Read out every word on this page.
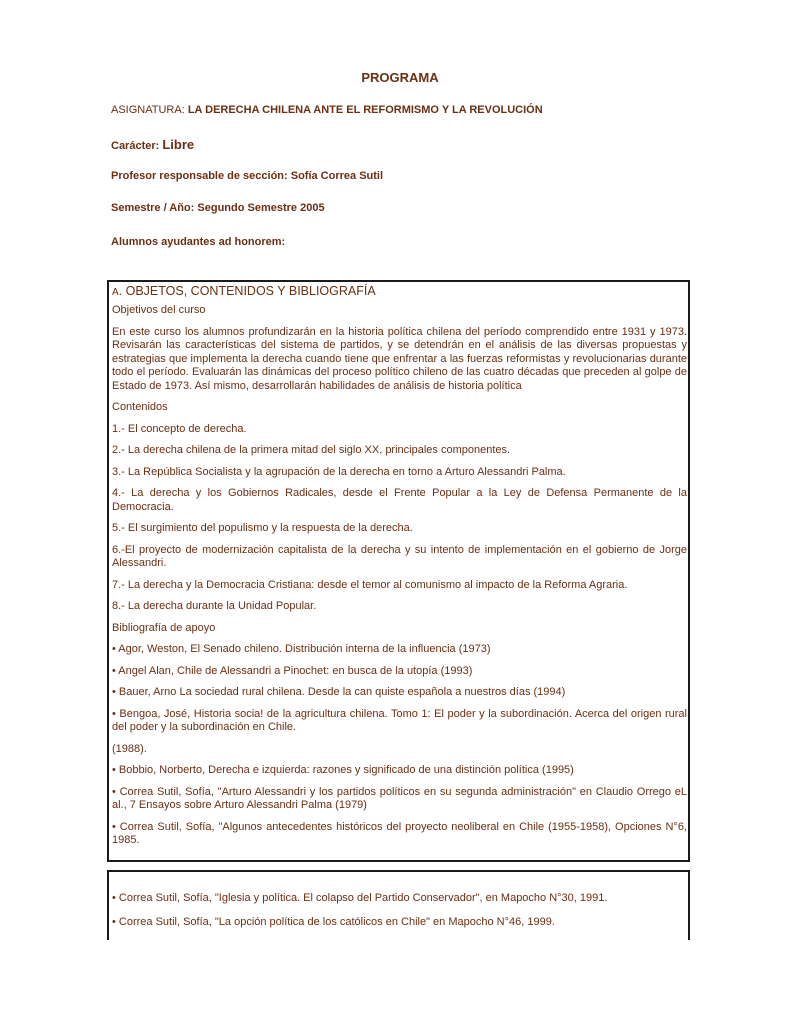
PROGRAMA
ASIGNATURA: LA DERECHA CHILENA ANTE EL REFORMISMO Y LA REVOLUCIÓN
Carácter: Libre
Profesor responsable de sección: Sofía Correa Sutil
Semestre / Año: Segundo Semestre 2005
Alumnos ayudantes ad honorem:
A. OBJETOS, CONTENIDOS Y BIBLIOGRAFÍA

Objetivos del curso

En este curso los alumnos profundizarán en la historia política chilena del período comprendido entre 1931 y 1973. Revisarán las características del sistema de partidos, y se detendrán en el análisis de las diversas propuestas y estrategias que implementa la derecha cuando tiene que enfrentar a las fuerzas reformistas y revolucionarias durante todo el período. Evaluarán las dinámicas del proceso político chileno de las cuatro décadas que preceden al golpe de Estado de 1973. Así mismo, desarrollarán habilidades de análisis de historia política

Contenidos

1.- El concepto de derecha.

2.- La derecha chilena de la primera mitad del siglo XX, principales componentes.

3.- La República Socialista y la agrupación de la derecha en torno a Arturo Alessandri Palma.

4.- La derecha y los Gobiernos Radicales, desde el Frente Popular a la Ley de Defensa Permanente de la Democracia.

5.- El surgimiento del populismo y la respuesta de la derecha.

6.-El proyecto de modernización capitalista de la derecha y su intento de implementación en el gobierno de Jorge Alessandri.

7.- La derecha y la Democracia Cristiana: desde el temor al comunismo al impacto de la Reforma Agraria.

8.- La derecha durante la Unidad Popular.

Bibliografía de apoyo

• Agor, Weston, El Senado chileno. Distribución interna de la influencia (1973)

• Angel Alan, Chile de Alessandri a Pinochet: en busca de la utopía (1993)

• Bauer, Arno La sociedad rural chilena. Desde la can quiste española a nuestros días (1994)

• Bengoa, José, Historia socia! de la agricultura chilena. Tomo 1: El poder y la subordinación. Acerca del origen rural del poder y la subordinación en Chile.

(1988).

• Bobbio, Norberto, Derecha e izquierda: razones y significado de una distinción política (1995)

• Correa Sutil, Sofía, "Arturo Alessandri y los partidos políticos en su segunda administración" en Claudio Orrego eL al., 7 Ensayos sobre Arturo Alessandri Palma (1979)

• Correa Sutil, Sofía, "Algunos antecedentes históricos del proyecto neoliberal en Chile (1955-1958), Opciones N°6, 1985.

• Correa Sutil, Sofía, "Iglesia y política. El colapso del Partido Conservador", en Mapocho N°30, 1991.

• Correa Sutil, Sofía, "La opción política de los católicos en Chile" en Mapocho N°46, 1999.
